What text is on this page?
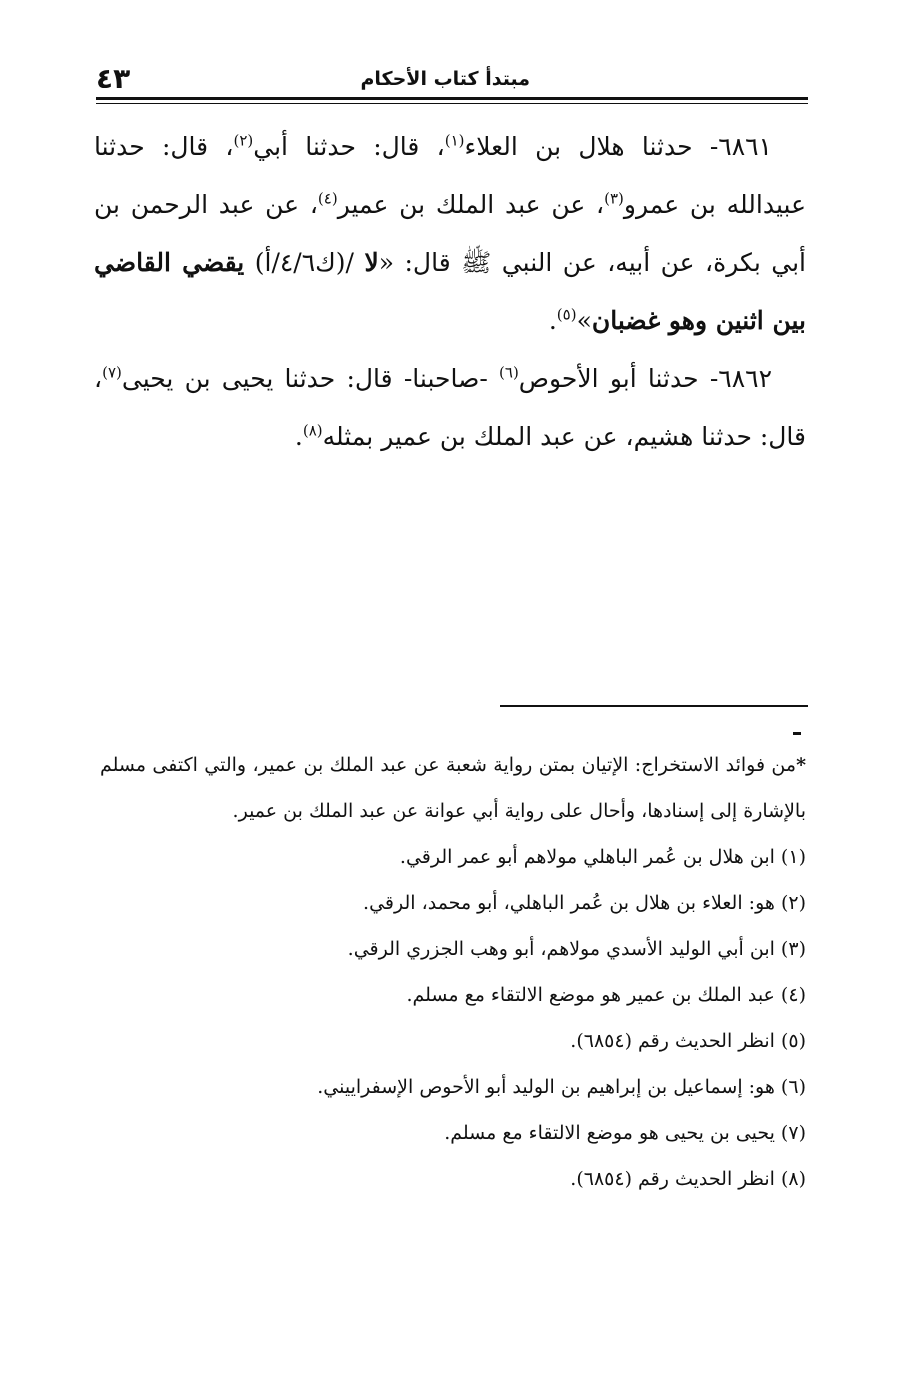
٤٣	مبتدأ كتاب الأحكام

٦٨٦١- حدثنا هلال بن العلاء$^{(١)}$، قال: حدثنا أبي$^{(٢)}$، قال: حدثنا عبيدالله بن عمرو$^{(٣)}$، عن عبد الملك بن عمير$^{(٤)}$، عن عبد الرحمن بن أبي بكرة، عن أبيه، عن النبي ﷺ قال: «لا /(ك٤/٦/أ) يقضي القاضي بين اثنين وهو غضبان»$^{(٥)}$.

٦٨٦٢- حدثنا أبو الأحوص$^{(٦)}$ -صاحبنا- قال: حدثنا يحيى بن يحيى$^{(٧)}$، قال: حدثنا هشيم، عن عبد الملك بن عمير بمثله$^{(٨)}$.

*من فوائد الاستخراج: الإتيان بمتن رواية شعبة عن عبد الملك بن عمير، والتي اكتفى مسلم بالإشارة إلى إسنادها، وأحال على رواية أبي عوانة عن عبد الملك بن عمير.

(١) ابن هلال بن عُمر الباهلي مولاهم أبو عمر الرقي.

(٢) هو: العلاء بن هلال بن عُمر الباهلي، أبو محمد، الرقي.

(٣) ابن أبي الوليد الأسدي مولاهم، أبو وهب الجزري الرقي.

(٤) عبد الملك بن عمير هو موضع الالتقاء مع مسلم.

(٥) انظر الحديث رقم (٦٨٥٤).

(٦) هو: إسماعيل بن إبراهيم بن الوليد أبو الأحوص الإسفراييني.

(٧) يحيى بن يحيى هو موضع الالتقاء مع مسلم.

(٨) انظر الحديث رقم (٦٨٥٤).
